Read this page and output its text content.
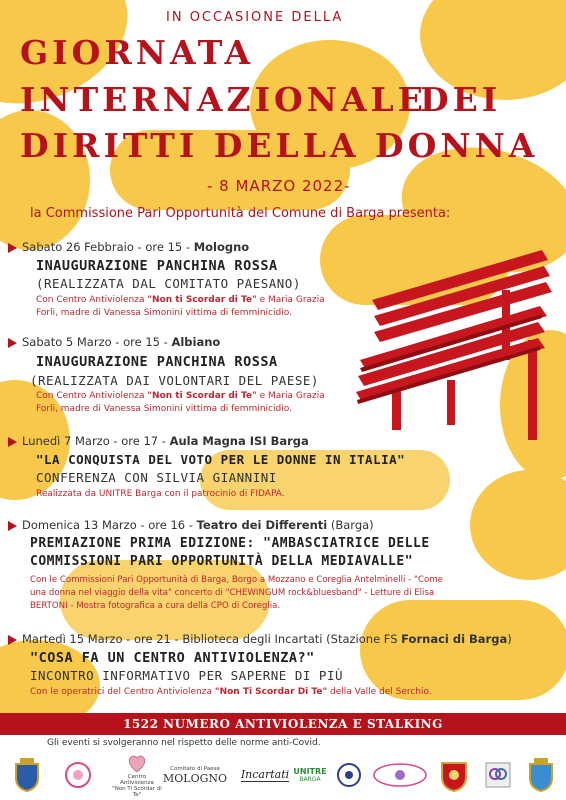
IN OCCASIONE DELLA
GIORNATA
INTERNAZIONALE
DEI
DIRITTI DELLA DONNA
- 8 MARZO 2022-
la Commissione Pari Opportunità del Comune di Barga presenta:
Sabato 26 Febbraio - ore 15 - Mologno
INAUGURAZIONE PANCHINA ROSSA
(REALIZZATA DAL COMITATO PAESANO)
Con Centro Antiviolenza "Non ti Scordar di Te" e Maria Grazia
Forli, madre di Vanessa Simonini vittima di femminicidio.
Sabato 5 Marzo - ore 15 - Albiano
INAUGURAZIONE PANCHINA ROSSA
(REALIZZATA DAI VOLONTARI DEL PAESE)
Con Centro Antiviolenza "Non ti Scordar di Te" e Maria Grazia
Forli, madre di Vanessa Simonini vittima di femminicidio.
Lunedì 7 Marzo - ore 17 - Aula Magna ISI Barga
"LA CONQUISTA DEL VOTO PER LE DONNE IN ITALIA"
CONFERENZA CON SILVIA GIANNINI
Realizzata da UNITRE Barga con il patrocinio di FIDAPA.
Domenica 13 Marzo - ore 16 - Teatro dei Differenti (Barga)
PREMIAZIONE PRIMA EDIZIONE: "AMBASCIATRICE DELLE
COMMISSIONI PARI OPPORTUNITÀ DELLA MEDIAVALLE"
Con le Commissioni Pari Opportunità di Barga, Borgo a Mozzano e Coreglia Antelminelli - "Come
una donna nel viaggio della vita" concerto di "CHEWINGUM rock&bluesband" - Letture di Elisa
BERTONI - Mostra fotografica a cura della CPO di Coreglia.
Martedì 15 Marzo - ore 21 - Biblioteca degli Incartati (Stazione FS Fornaci di Barga)
"COSA FA UN CENTRO ANTIVIOLENZA?"
INCONTRO INFORMATIVO PER SAPERNE DI PIÙ
Con le operatrici del Centro Antiviolenza "Non Ti Scordar Di Te" della Valle del Serchio.
1522 NUMERO ANTIVIOLENZA E STALKING
Gli eventi si svolgeranno nel rispetto delle norme anti-Covid.
Centro Antiviolenza
"Non Ti Scordar di Te"
Comitato di Paese
MOLOGNO Incartati UNITRE
BARGA
